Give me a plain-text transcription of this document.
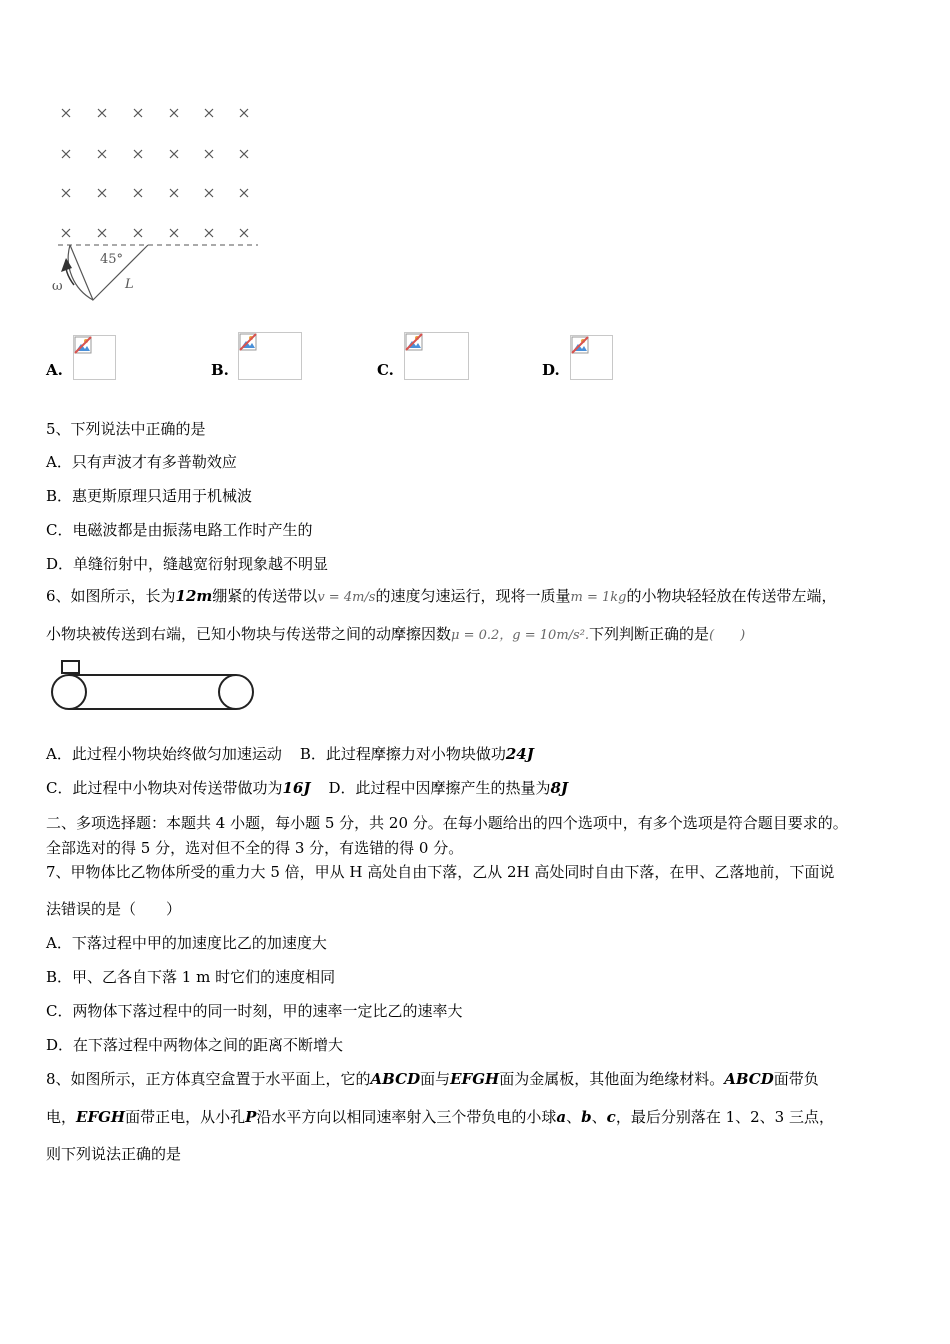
45°
L
ω
A.	B.	C.	D.
5、下列说法中正确的是
A．只有声波才有多普勒效应
B．惠更斯原理只适用于机械波
C．电磁波都是由振荡电路工作时产生的
D．单缝衍射中，缝越宽衍射现象越不明显
6、如图所示，长为12m绷紧的传送带以v = 4m/s的速度匀速运行，现将一质量m = 1kg的小物块轻轻放在传送带左端，
小物块被传送到右端，已知小物块与传送带之间的动摩擦因数μ = 0.2，g = 10m/s².下列判断正确的是(　　)
A．此过程小物块始终做匀加速运动 B．此过程摩擦力对小物块做功24J
C．此过程中小物块对传送带做功为16J D．此过程中因摩擦产生的热量为8J
二、多项选择题：本题共 4 小题，每小题 5 分，共 20 分。在每小题给出的四个选项中，有多个选项是符合题目要求的。
全部选对的得 5 分，选对但不全的得 3 分，有选错的得 0 分。
7、甲物体比乙物体所受的重力大 5 倍，甲从 H 高处自由下落，乙从 2H 高处同时自由下落，在甲、乙落地前，下面说
法错误的是（　　）
A．下落过程中甲的加速度比乙的加速度大
B．甲、乙各自下落 1 m 时它们的速度相同
C．两物体下落过程中的同一时刻，甲的速率一定比乙的速率大
D．在下落过程中两物体之间的距离不断增大
8、如图所示，正方体真空盒置于水平面上，它的ABCD面与EFGH面为金属板，其他面为绝缘材料。ABCD面带负
电，EFGH面带正电，从小孔P沿水平方向以相同速率射入三个带负电的小球a、b、c，最后分别落在 1、2、3 三点，
则下列说法正确的是
